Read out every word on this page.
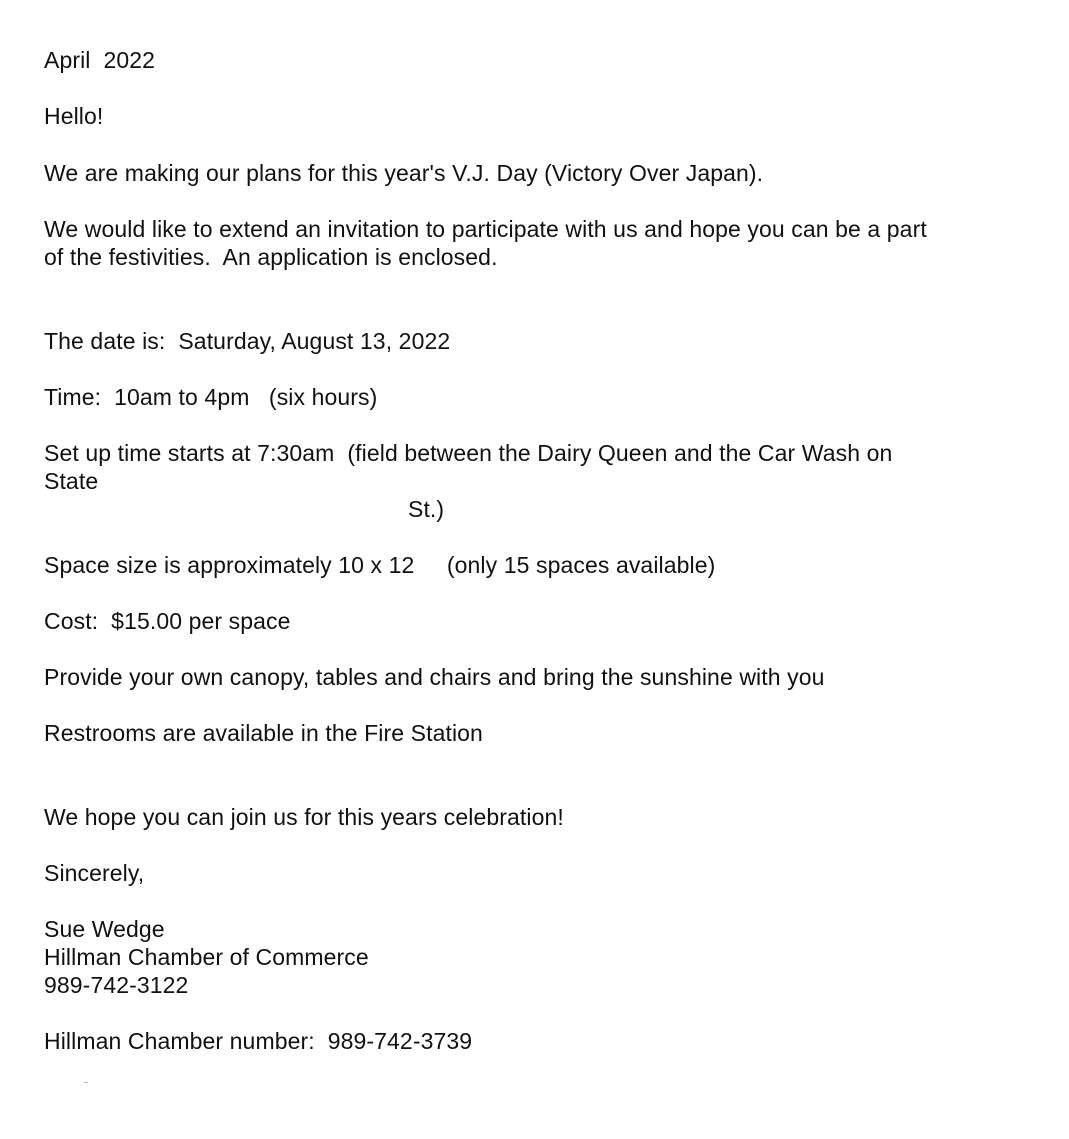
April  2022
Hello!
We are making our plans for this year's V.J. Day (Victory Over Japan).
We would like to extend an invitation to participate with us and hope you can be a part
of the festivities.  An application is enclosed.
The date is:  Saturday, August 13, 2022
Time:  10am to 4pm   (six hours)
Set up time starts at 7:30am  (field between the Dairy Queen and the Car Wash on
State
St.)
Space size is approximately 10 x 12     (only 15 spaces available)
Cost:  $15.00 per space
Provide your own canopy, tables and chairs and bring the sunshine with you
Restrooms are available in the Fire Station
We hope you can join us for this years celebration!
Sincerely,
Sue Wedge
Hillman Chamber of Commerce
989-742-3122
Hillman Chamber number:  989-742-3739
